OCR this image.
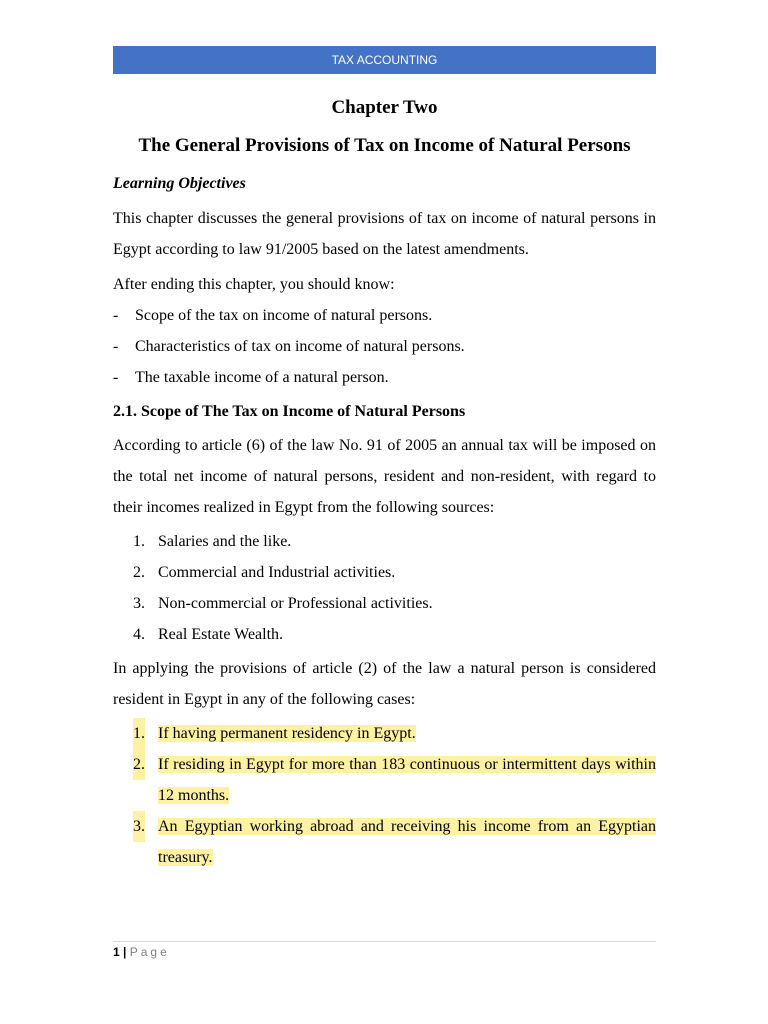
TAX ACCOUNTING
Chapter Two
The General Provisions of Tax on Income of Natural Persons
Learning Objectives

This chapter discusses the general provisions of tax on income of natural persons in Egypt according to law 91/2005 based on the latest amendments.

After ending this chapter, you should know:

- Scope of the tax on income of natural persons.
- Characteristics of tax on income of natural persons.
- The taxable income of a natural person.
2.1. Scope of The Tax on Income of Natural Persons

According to article (6) of the law No. 91 of 2005 an annual tax will be imposed on the total net income of natural persons, resident and non-resident, with regard to their incomes realized in Egypt from the following sources:

1. Salaries and the like.
2. Commercial and Industrial activities.
3. Non-commercial or Professional activities.
4. Real Estate Wealth.

In applying the provisions of article (2) of the law a natural person is considered resident in Egypt in any of the following cases:

1. If having permanent residency in Egypt.
2. If residing in Egypt for more than 183 continuous or intermittent days within 12 months.
3. An Egyptian working abroad and receiving his income from an Egyptian treasury.
1 | Page
